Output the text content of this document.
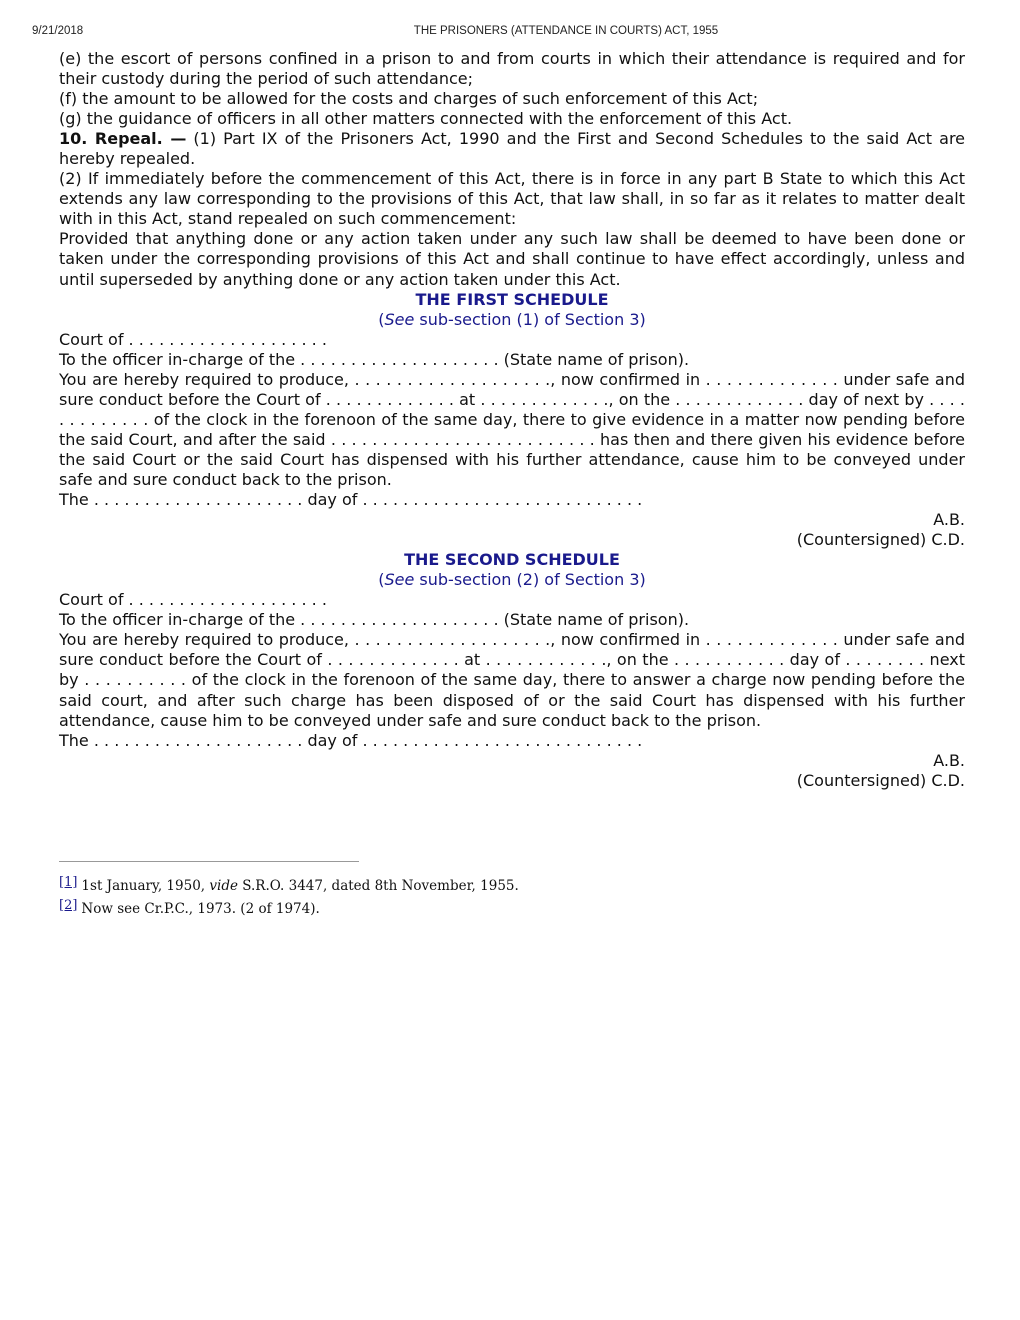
9/21/2018	THE PRISONERS (ATTENDANCE IN COURTS) ACT, 1955

(e) the escort of persons confined in a prison to and from courts in which their attendance is required and for their custody during the period of such attendance;

(f) the amount to be allowed for the costs and charges of such enforcement of this Act;

(g) the guidance of officers in all other matters connected with the enforcement of this Act.

10. Repeal. — (1) Part IX of the Prisoners Act, 1990 and the First and Second Schedules to the said Act are hereby repealed.

(2) If immediately before the commencement of this Act, there is in force in any part B State to which this Act extends any law corresponding to the provisions of this Act, that law shall, in so far as it relates to matter dealt with in this Act, stand repealed on such commencement:

Provided that anything done or any action taken under any such law shall be deemed to have been done or taken under the corresponding provisions of this Act and shall continue to have effect accordingly, unless and until superseded by anything done or any action taken under this Act.

THE FIRST SCHEDULE

(See sub-section (1) of Section 3)

Court of . . . . . . . . . . . . . . . . . . . .

To the officer in-charge of the . . . . . . . . . . . . . . . . . . . . (State name of prison).

You are hereby required to produce, . . . . . . . . . . . . . . . . . . ., now confirmed in . . . . . . . . . . . . . under safe and sure conduct before the Court of . . . . . . . . . . . . . at . . . . . . . . . . . . ., on the . . . . . . . . . . . . . day of next by . . . . . . . . . . . . . of the clock in the forenoon of the same day, there to give evidence in a matter now pending before the said Court, and after the said . . . . . . . . . . . . . . . . . . . . . . . . . . has then and there given his evidence before the said Court or the said Court has dispensed with his further attendance, cause him to be conveyed under safe and sure conduct back to the prison.

The . . . . . . . . . . . . . . . . . . . . . day of . . . . . . . . . . . . . . . . . . . . . . . . . . . .

A.B.

(Countersigned) C.D.

THE SECOND SCHEDULE

(See sub-section (2) of Section 3)

Court of . . . . . . . . . . . . . . . . . . . .

To the officer in-charge of the . . . . . . . . . . . . . . . . . . . . (State name of prison).

You are hereby required to produce, . . . . . . . . . . . . . . . . . . ., now confirmed in . . . . . . . . . . . . . under safe and sure conduct before the Court of . . . . . . . . . . . . . at . . . . . . . . . . . ., on the . . . . . . . . . . . day of . . . . . . . . next by . . . . . . . . . . of the clock in the forenoon of the same day, there to answer a charge now pending before the said court, and after such charge has been disposed of or the said Court has dispensed with his further attendance, cause him to be conveyed under safe and sure conduct back to the prison.

The . . . . . . . . . . . . . . . . . . . . . day of . . . . . . . . . . . . . . . . . . . . . . . . . . . .

A.B.

(Countersigned) C.D.

[1] 1st January, 1950, vide S.R.O. 3447, dated 8th November, 1955.

[2] Now see Cr.P.C., 1973. (2 of 1974).
